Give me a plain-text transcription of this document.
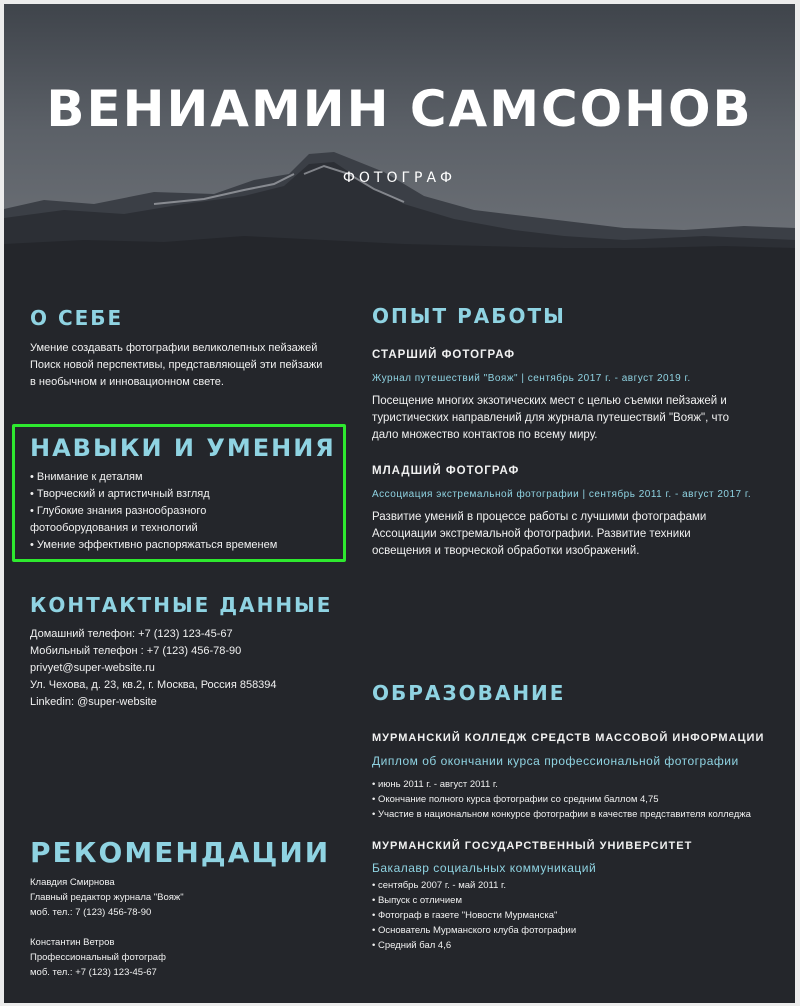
ВЕНИАМИН САМСОНОВ
ФОТОГРАФ
О СЕБЕ
Умение создавать фотографии великолепных пейзажей
Поиск новой перспективы, представляющей эти пейзажи
в необычном и инновационном свете.
НАВЫКИ И УМЕНИЯ
• Внимание к деталям
• Творческий и артистичный взгляд
• Глубокие знания разнообразного
фотооборудования и технологий
• Умение эффективно распоряжаться временем
КОНТАКТНЫЕ ДАННЫЕ
Домашний телефон: +7 (123) 123-45-67
Мобильный телефон : +7 (123) 456-78-90
privyet@super-website.ru
Ул. Чехова, д. 23, кв.2, г. Москва, Россия 858394
Linkedin: @super-website
РЕКОМЕНДАЦИИ
Клавдия Смирнова
Главный редактор журнала "Вояж"
моб. тел.: 7 (123) 456-78-90
Константин Ветров
Профессиональный фотограф
моб. тел.: +7 (123) 123-45-67
ОПЫТ РАБОТЫ
СТАРШИЙ ФОТОГРАФ
Журнал путешествий "Вояж" | сентябрь 2017 г. - август 2019 г.
Посещение многих экзотических мест с целью съемки пейзажей и
туристических направлений для журнала путешествий "Вояж", что
дало множество контактов по всему миру.
МЛАДШИЙ ФОТОГРАФ
Ассоциация экстремальной фотографии | сентябрь 2011 г. - август 2017 г.
Развитие умений в процессе работы с лучшими фотографами
Ассоциации экстремальной фотографии. Развитие техники
освещения и творческой обработки изображений.
ОБРАЗОВАНИЕ
МУРМАНСКИЙ КОЛЛЕДЖ СРЕДСТВ МАССОВОЙ ИНФОРМАЦИИ
Диплом об окончании курса профессиональной фотографии
• июнь 2011 г. - август 2011 г.
• Окончание полного курса фотографии со средним баллом 4,75
• Участие в национальном конкурсе фотографии в качестве представителя колледжа
МУРМАНСКИЙ ГОСУДАРСТВЕННЫЙ УНИВЕРСИТЕТ
Бакалавр социальных коммуникаций
• сентябрь 2007 г. - май 2011 г.
• Выпуск с отличием
• Фотограф в газете "Новости Мурманска"
• Основатель Мурманского клуба фотографии
• Средний бал 4,6
